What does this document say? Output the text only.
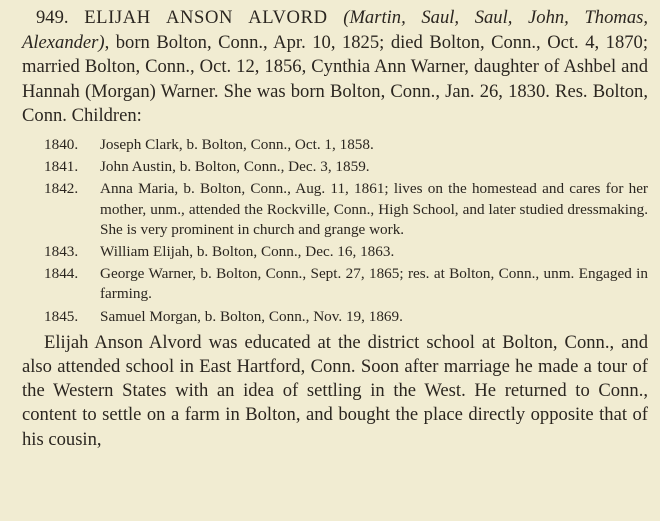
949. ELIJAH ANSON ALVORD (Martin, Saul, Saul, John, Thomas, Alexander), born Bolton, Conn., Apr. 10, 1825; died Bolton, Conn., Oct. 4, 1870; married Bolton, Conn., Oct. 12, 1856, Cynthia Ann Warner, daughter of Ashbel and Hannah (Morgan) Warner. She was born Bolton, Conn., Jan. 26, 1830. Res. Bolton, Conn. Children:

1840.	Joseph Clark, b. Bolton, Conn., Oct. 1, 1858.
1841.	John Austin, b. Bolton, Conn., Dec. 3, 1859.
1842.	Anna Maria, b. Bolton, Conn., Aug. 11, 1861; lives on the homestead and cares for her mother, unm., attended the Rockville, Conn., High School, and later studied dressmaking. She is very prominent in church and grange work.
1843.	William Elijah, b. Bolton, Conn., Dec. 16, 1863.
1844.	George Warner, b. Bolton, Conn., Sept. 27, 1865; res. at Bolton, Conn., unm. Engaged in farming.
1845.	Samuel Morgan, b. Bolton, Conn., Nov. 19, 1869.

Elijah Anson Alvord was educated at the district school at Bolton, Conn., and also attended school in East Hartford, Conn. Soon after marriage he made a tour of the Western States with an idea of settling in the West. He returned to Conn., content to settle on a farm in Bolton, and bought the place directly opposite that of his cousin,
